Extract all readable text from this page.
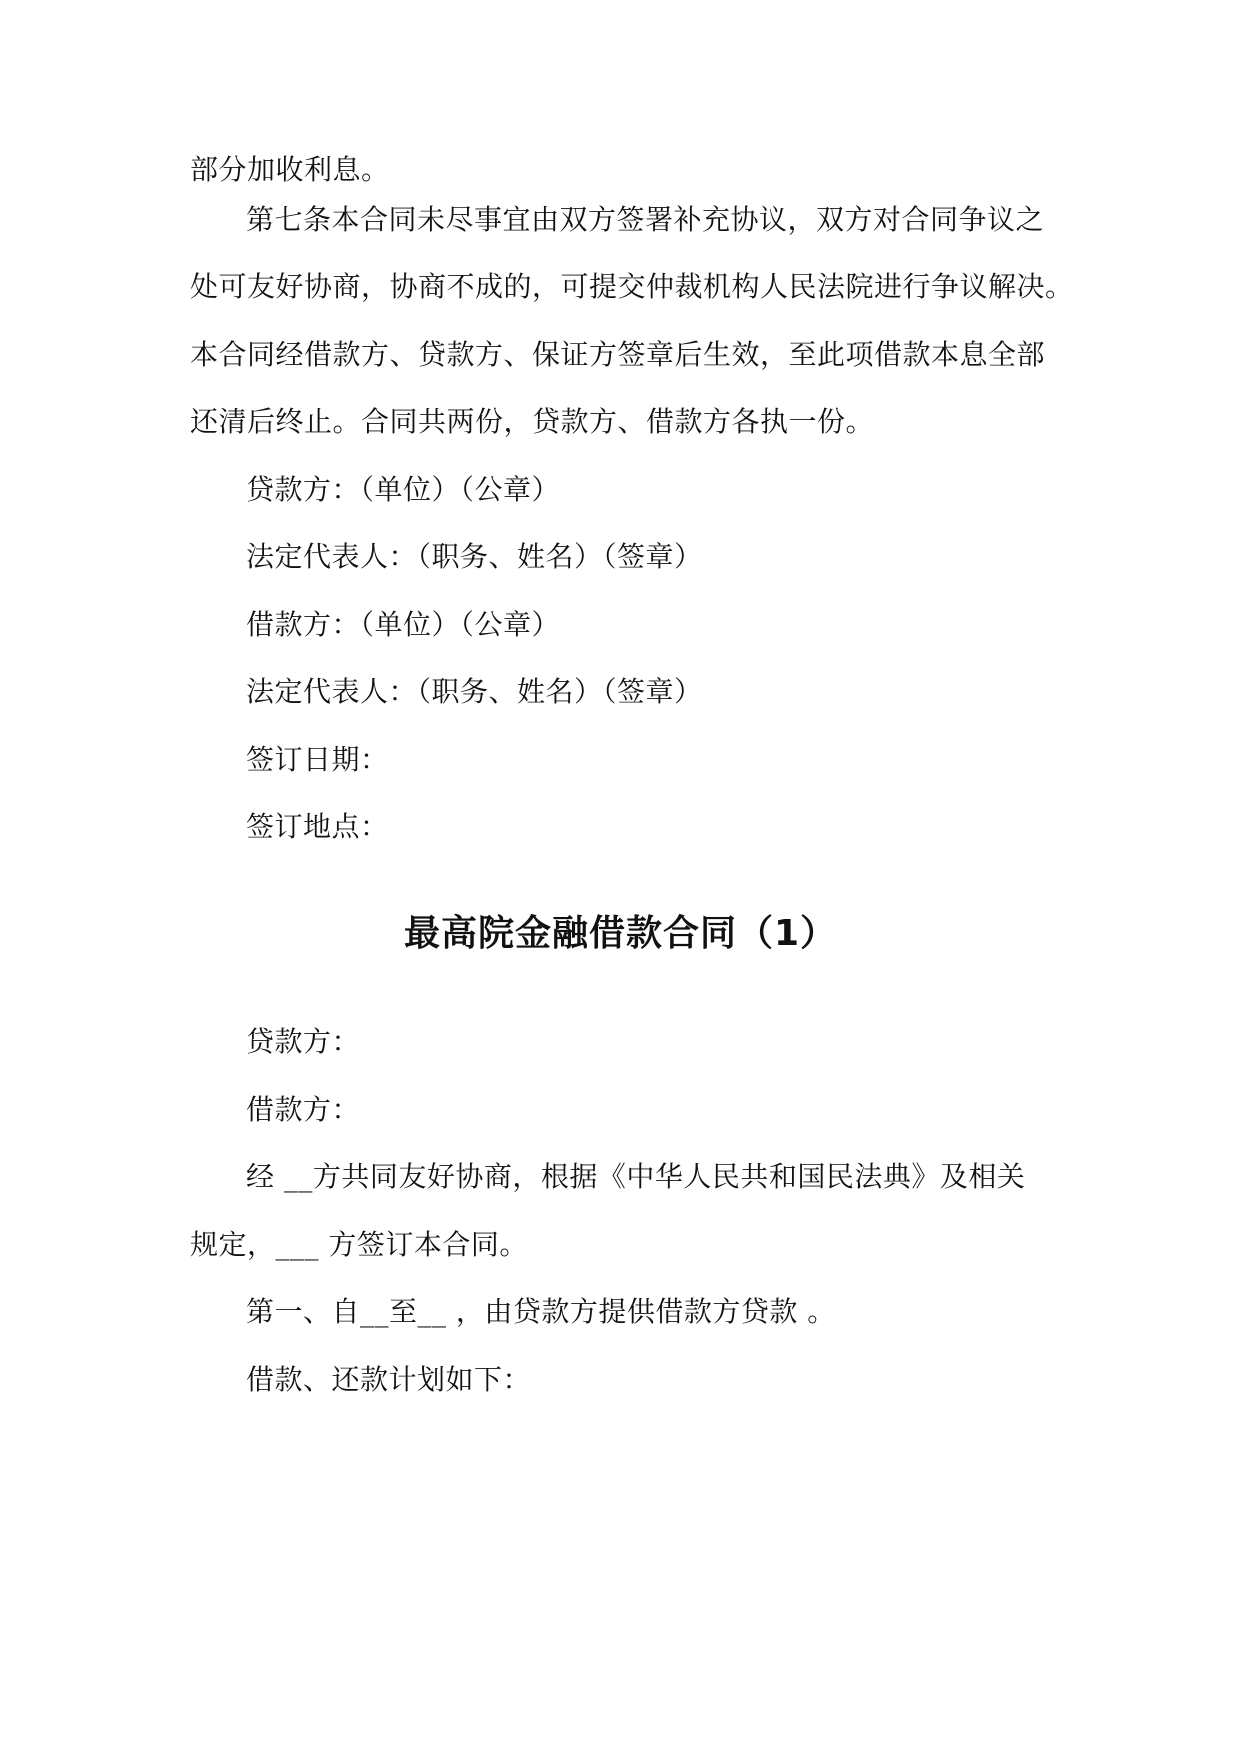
部分加收利息。
第七条本合同未尽事宜由双方签署补充协议，双方对合同争议之
处可友好协商，协商不成的，可提交仲裁机构人民法院进行争议解决。
本合同经借款方、贷款方、保证方签章后生效，至此项借款本息全部
还清后终止。合同共两份，贷款方、借款方各执一份。
贷款方：（单位）（公章）
法定代表人：（职务、姓名）（签章）
借款方：（单位）（公章）
法定代表人：（职务、姓名）（签章）
签订日期：
签订地点：
最高院金融借款合同（1）
贷款方：
借款方：
经 __方共同友好协商，根据《中华人民共和国民法典》及相关
规定，___ 方签订本合同。
第一、自__至__ ，由贷款方提供借款方贷款 。
借款、还款计划如下：
